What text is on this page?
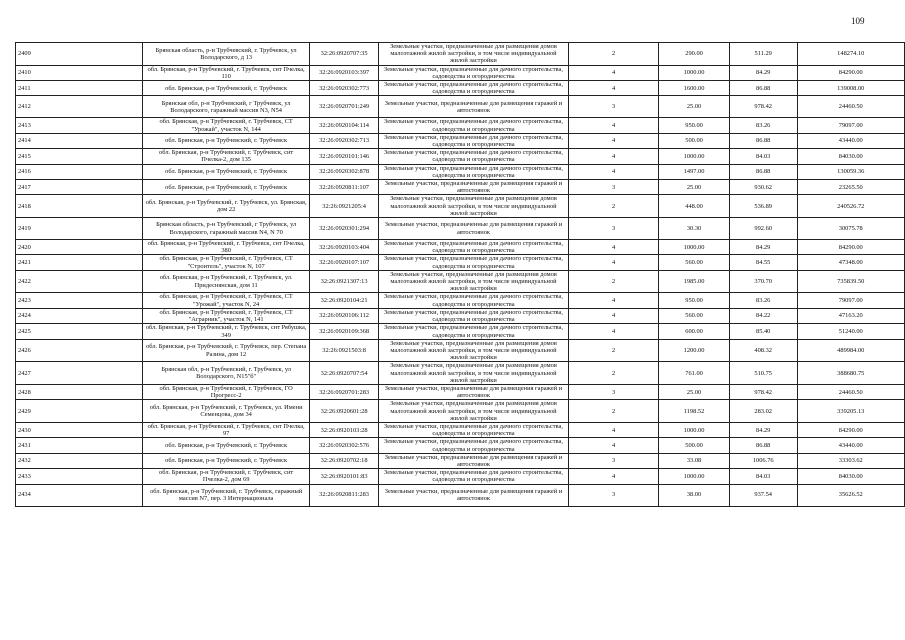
109
2409	Брянская область, р-н Трубчевский, г. Трубчевск, ул Володарского, д 13	32:26:0920707:35	Земельные участки, предназначенные для размещения домов малоэтажной жилой застройки, в том числе индивидуальной жилой застройки	2	290.00	511.29	148274.10
2410	обл. Брянская, р-н Трубчевский, г. Трубчевск, снт Пчелка, 110	32:26:0920103:397	Земельные участки, предназначенные для дачного строительства, садоводства и огородничества	4	1000.00	84.29	84290.00
2411	обл. Брянская, р-н Трубчевский, г. Трубчевск	32:26:0920302:773	Земельные участки, предназначенные для дачного строительства, садоводства и огородничества	4	1600.00	86.88	139008.00
2412	Брянская обл, р-н Трубчевский, г Трубчевск, ул Володарского, гаражный массив N3, N54	32:26:0920701:249	Земельные участки, предназначенные для размещения гаражей и автостоянок	3	25.00	978.42	24460.50
2413	обл. Брянская, р-н Трубчевский, г. Трубчевск, СТ "Урожай", участок N, 144	32:26:0920104:114	Земельные участки, предназначенные для дачного строительства, садоводства и огородничества	4	950.00	83.26	79097.00
2414	обл. Брянская, р-н Трубчевский, г. Трубчевск	32:26:0920302:713	Земельные участки, предназначенные для дачного строительства, садоводства и огородничества	4	500.00	86.88	43440.00
2415	обл. Брянская, р-н Трубчевский, г. Трубчевск, снт Пчелка-2, дом 135	32:26:0920101:146	Земельные участки, предназначенные для дачного строительства, садоводства и огородничества	4	1000.00	84.03	84030.00
2416	обл. Брянская, р-н Трубчевский, г. Трубчевск	32:26:0920302:878	Земельные участки, предназначенные для дачного строительства, садоводства и огородничества	4	1497.00	86.88	130059.36
2417	обл. Брянская, р-н Трубчевский, г. Трубчевск	32:26:0920811:107	Земельные участки, предназначенные для размещения гаражей и автостоянок	3	25.00	930.62	23265.50
2418	обл. Брянская, р-н Трубчевский, г. Трубчевск, ул. Брянская, дом 22	32:26:0921205:4	Земельные участки, предназначенные для размещения домов малоэтажной жилой застройки, в том числе индивидуальной жилой застройки	2	448.00	536.89	240526.72
2419	Брянская область, р-н Трубчевский, г Трубчевск, ул Володарского, гаражный массив N4, N 70	32:26:0920301:294	Земельные участки, предназначенные для размещения гаражей и автостоянок	3	30.30	992.60	30075.78
2420	обл. Брянская, р-н Трубчевский, г. Трубчевск, снт Пчелка, 380	32:26:0920103:404	Земельные участки, предназначенные для дачного строительства, садоводства и огородничества	4	1000.00	84.29	84290.00
2421	обл. Брянская, р-н Трубчевский, г. Трубчевск, СТ "Строитель", участок N, 107	32:26:0920107:107	Земельные участки, предназначенные для дачного строительства, садоводства и огородничества	4	560.00	84.55	47348.00
2422	обл. Брянская, р-н Трубчевский, г. Трубчевск, ул. Придеснянская, дом 11	32:26:0921307:13	Земельные участки, предназначенные для размещения домов малоэтажной жилой застройки, в том числе индивидуальной жилой застройки	2	1985.00	370.70	735839.50
2423	обл. Брянская, р-н Трубчевский, г. Трубчевск, СТ "Урожай", участок N, 24	32:26:0920104:21	Земельные участки, предназначенные для дачного строительства, садоводства и огородничества	4	950.00	83.26	79097.00
2424	обл. Брянская, р-н Трубчевский, г. Трубчевск, СТ "Аграрник", участок N, 141	32:26:0920106:112	Земельные участки, предназначенные для дачного строительства, садоводства и огородничества	4	560.00	84.22	47163.20
2425	обл. Брянская, р-н Трубчевский, г. Трубчевск, снт Рябушка, 349	32:26:0920109:368	Земельные участки, предназначенные для дачного строительства, садоводства и огородничества	4	600.00	85.40	51240.00
2426	обл. Брянская, р-н Трубчевский, г. Трубчевск, пер. Степана Разина, дом 12	32:26:0921503:8	Земельные участки, предназначенные для размещения домов малоэтажной жилой застройки, в том числе индивидуальной жилой застройки	2	1200.00	408.32	489984.00
2427	Брянская обл, р-н Трубчевский, г. Трубчевск, ул Володарского, N15"б"	32:26:0920707:54	Земельные участки, предназначенные для размещения домов малоэтажной жилой застройки, в том числе индивидуальной жилой застройки	2	761.00	510.75	388680.75
2428	обл. Брянская, р-н Трубчевский, г. Трубчевск, ГО Прогресс-2	32:26:0920701:283	Земельные участки, предназначенные для размещения гаражей и автостоянок	3	25.00	978.42	24460.50
2429	обл. Брянская, р-н Трубчевский, г. Трубчевск, ул. Имени Семенцова, дом 34	32:26:0920601:28	Земельные участки, предназначенные для размещения домов малоэтажной жилой застройки, в том числе индивидуальной жилой застройки	2	1198.52	283.02	339205.13
2430	обл. Брянская, р-н Трубчевский, г. Трубчевск, снт Пчелка, 97	32:26:0920103:28	Земельные участки, предназначенные для дачного строительства, садоводства и огородничества	4	1000.00	84.29	84290.00
2431	обл. Брянская, р-н Трубчевский, г. Трубчевск	32:26:0920302:576	Земельные участки, предназначенные для дачного строительства, садоводства и огородничества	4	500.00	86.88	43440.00
2432	обл. Брянская, р-н Трубчевский, г. Трубчевск	32:26:0920702:18	Земельные участки, предназначенные для размещения гаражей и автостоянок	3	33.08	1006.76	33303.62
2433	обл. Брянская, р-н Трубчевский, г. Трубчевск, снт Пчелка-2, дом 69	32:26:0920101:83	Земельные участки, предназначенные для дачного строительства, садоводства и огородничества	4	1000.00	84.03	84030.00
2434	обл. Брянская, р-н Трубчевский, г. Трубчевск, гаражный массив N7, пер. 3 Интернационала	32:26:0920811:283	Земельные участки, предназначенные для размещения гаражей и автостоянок	3	38.00	937.54	35626.52
